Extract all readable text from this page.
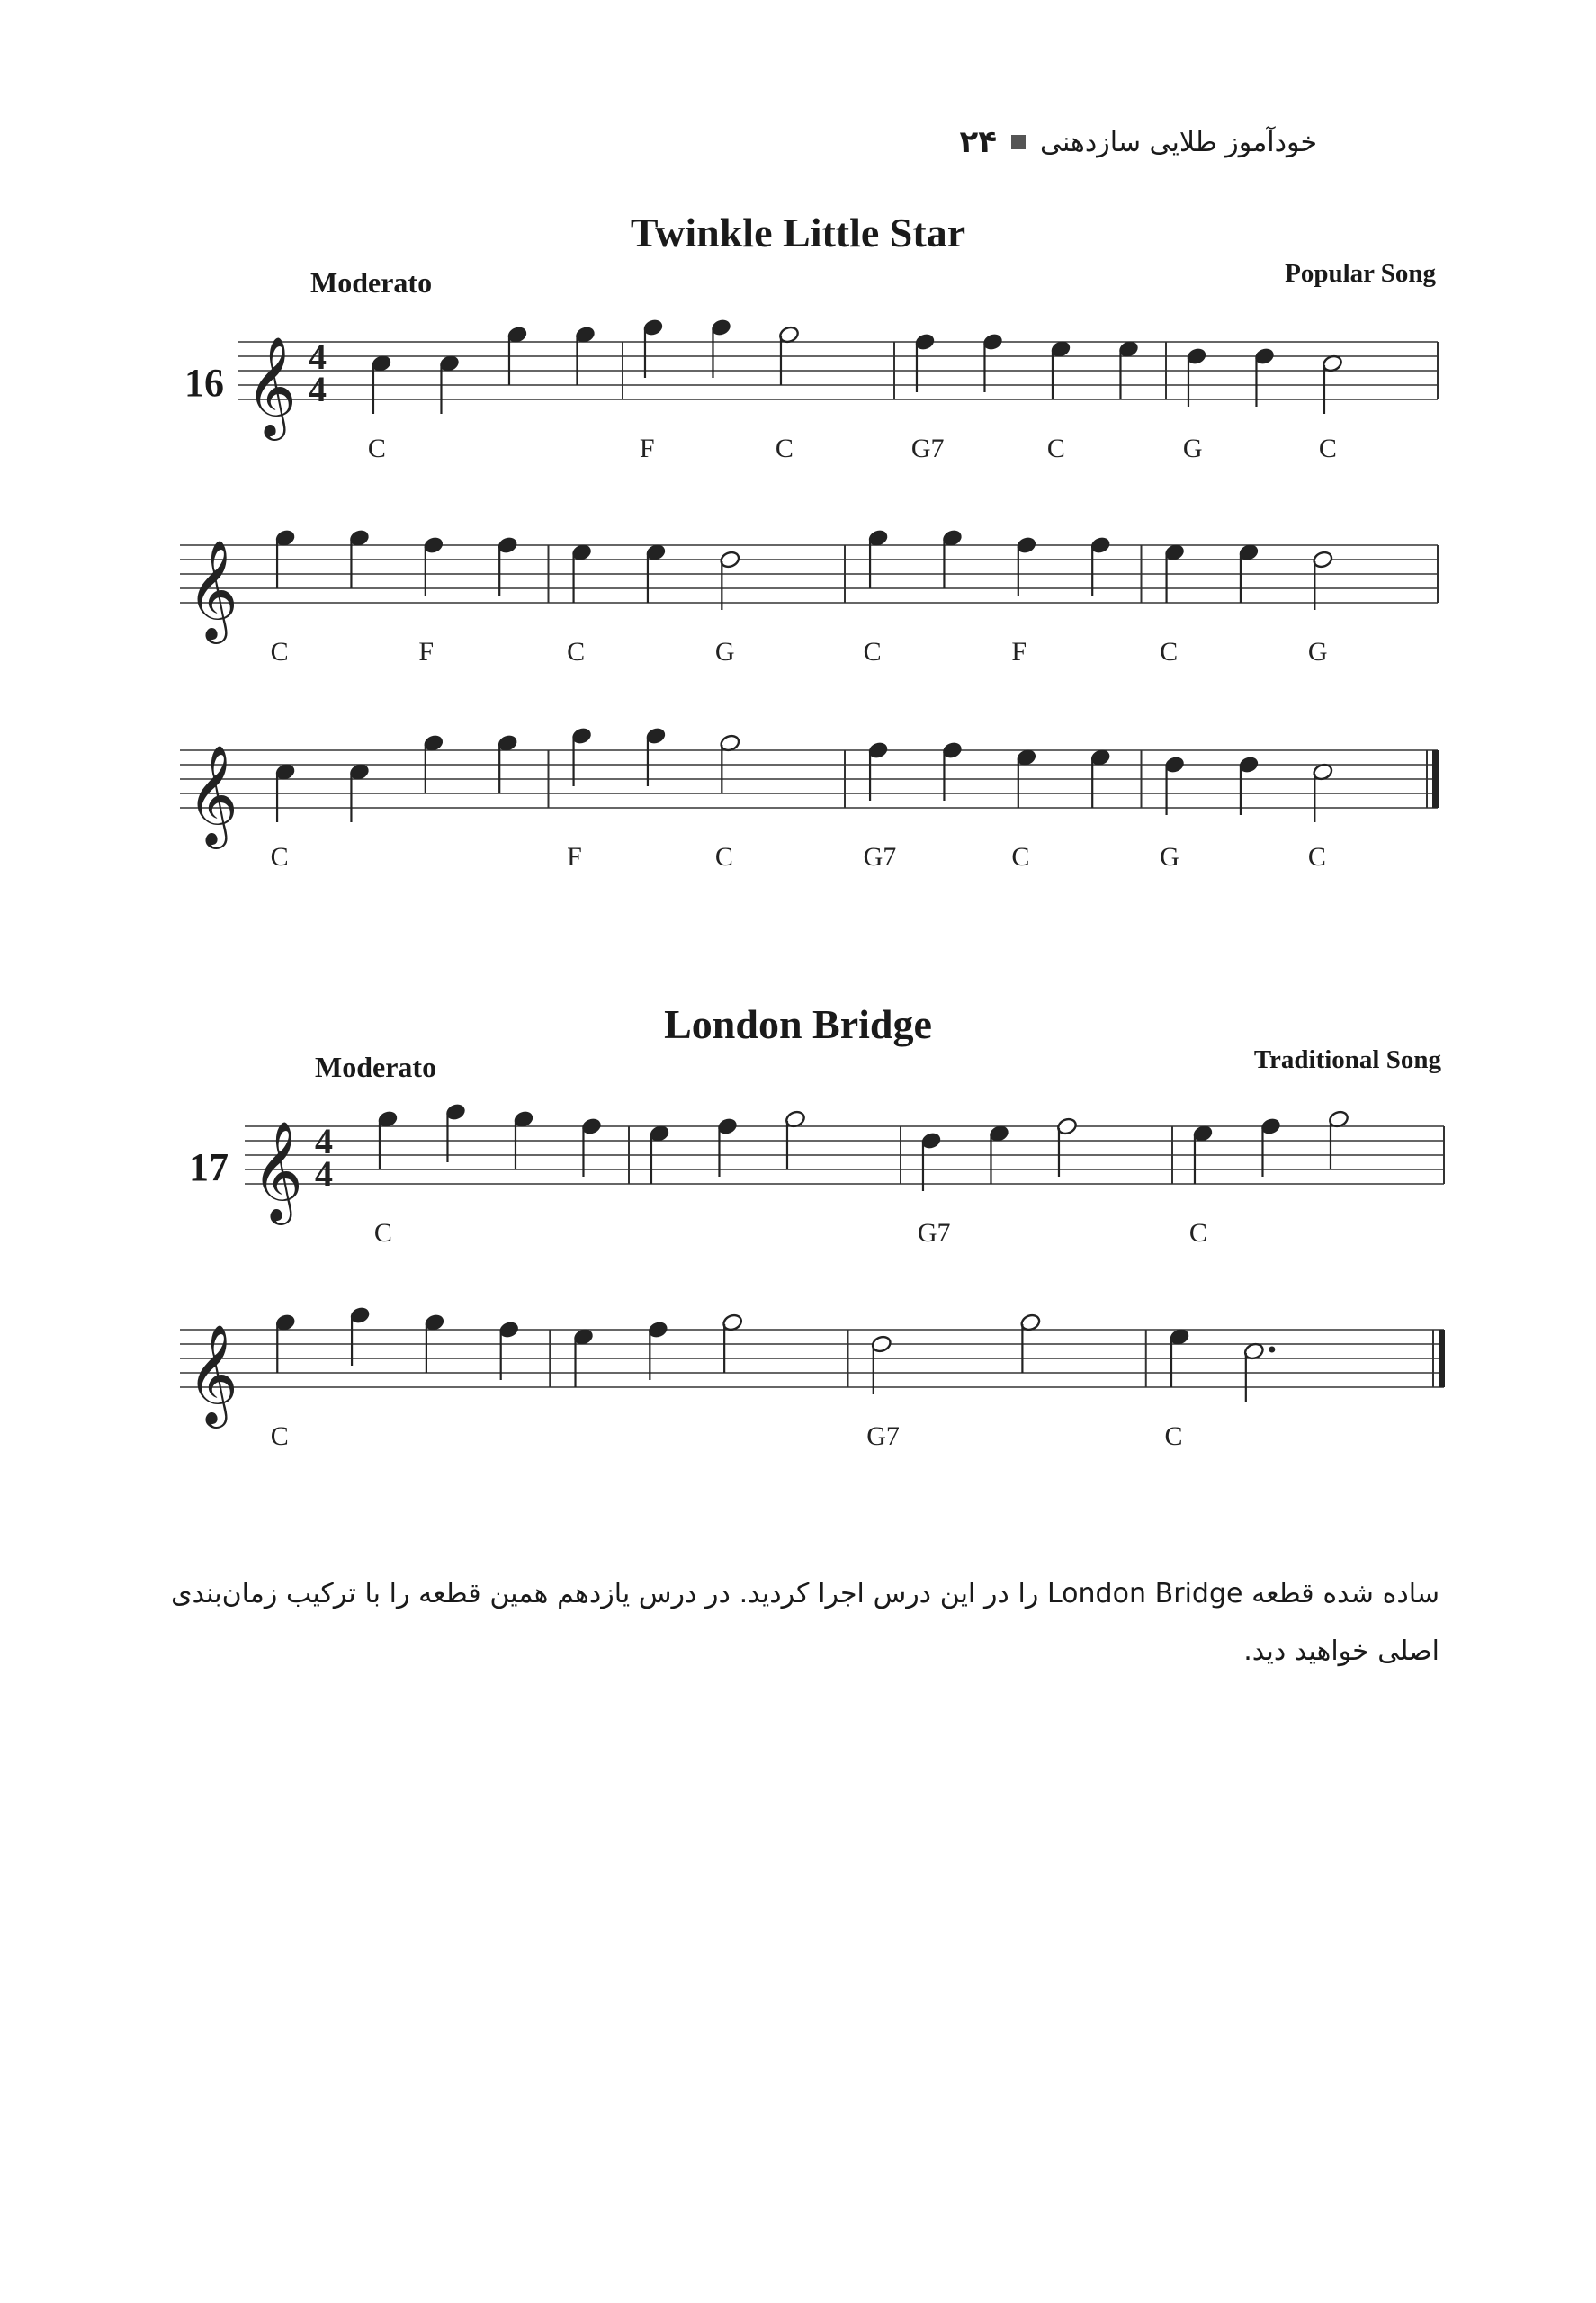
خودآموز طلایی سازدهنی
۲۴
Twinkle Little Star
Moderato	Popular Song
16 𝄞 4
4
C	F	C	G7	C	G	C
𝄞
C	F	C	G	C	F	C	G
𝄞
C	F	C	G7	C	G	C
𝄞 4
4
C	G7	C
𝄞
C	G7	C
London Bridge
Moderato	Traditional Song
17
ساده شده قطعه London Bridge را در این درس اجرا کردید. در درس یازدهم همین قطعه را با ترکیب زمان‌بندی اصلی خواهید دید.
